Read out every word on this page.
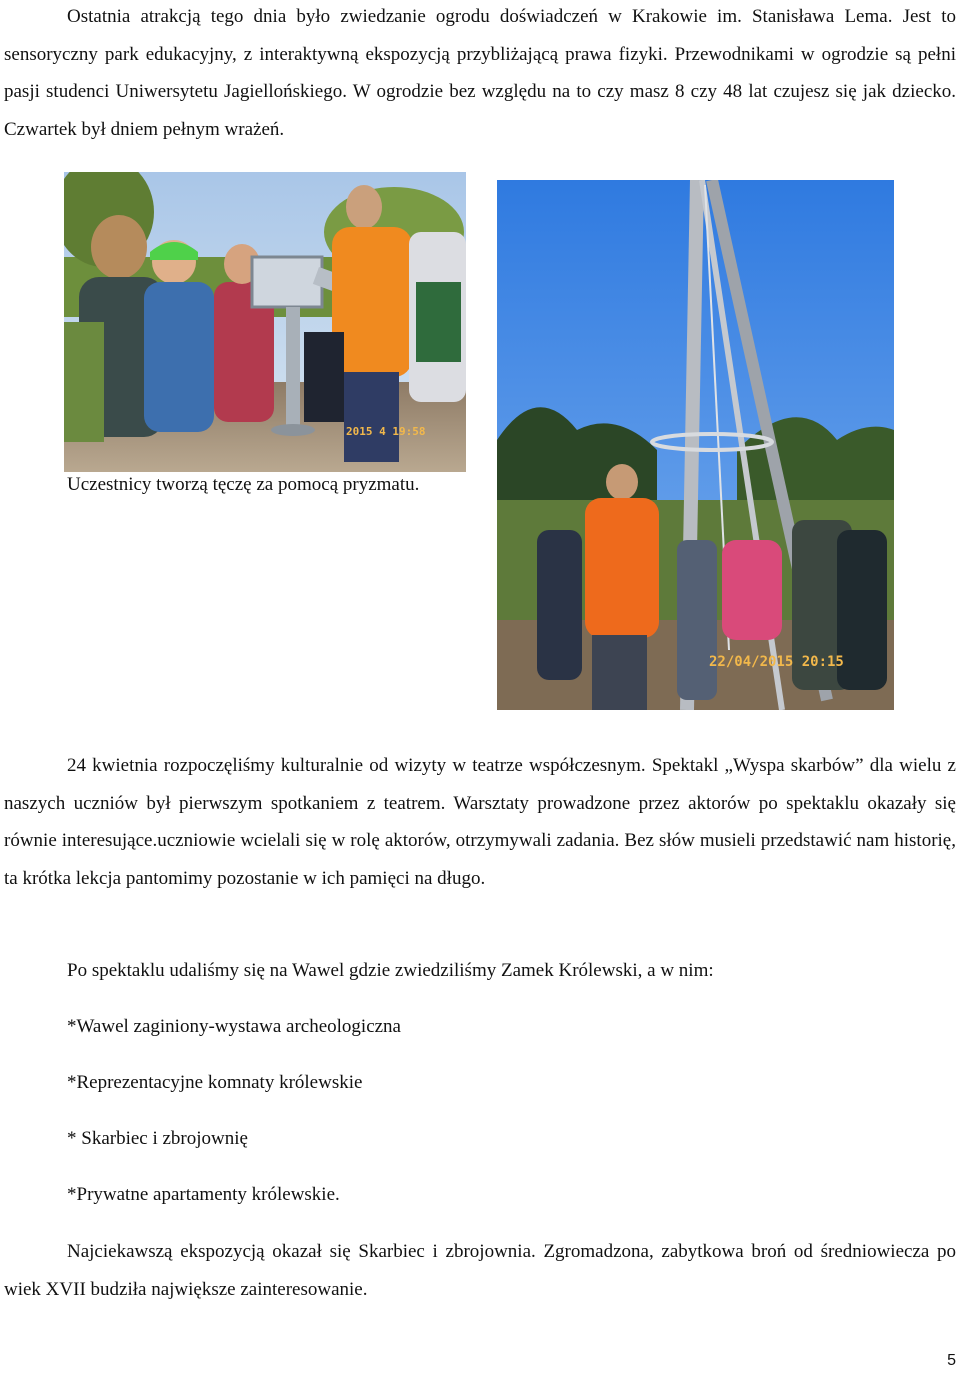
Ostatnia atrakcją tego dnia było zwiedzanie ogrodu doświadczeń w Krakowie im. Stanisława Lema. Jest to sensoryczny park edukacyjny, z interaktywną ekspozycją przybliżającą prawa fizyki. Przewodnikami w ogrodzie są pełni pasji studenci Uniwersytetu Jagiellońskiego. W ogrodzie bez względu na to czy masz 8 czy 48 lat czujesz się jak dziecko. Czwartek był dniem pełnym wrażeń.

2015 4 19:58
22/04/2015 20:15
Uczestnicy tworzą tęczę za pomocą pryzmatu.

24 kwietnia rozpoczęliśmy kulturalnie od wizyty w teatrze współczesnym. Spektakl „Wyspa skarbów” dla wielu z naszych uczniów był pierwszym spotkaniem z teatrem. Warsztaty prowadzone przez aktorów po spektaklu okazały się równie interesujące.uczniowie wcielali się w rolę aktorów, otrzymywali zadania. Bez słów musieli przedstawić nam historię, ta krótka lekcja pantomimy pozostanie w ich pamięci na długo.

Po spektaklu udaliśmy się na Wawel gdzie zwiedziliśmy Zamek Królewski, a w nim:

*Wawel zaginiony-wystawa archeologiczna

*Reprezentacyjne komnaty królewskie

* Skarbiec i zbrojownię

*Prywatne apartamenty królewskie.

Najciekawszą ekspozycją okazał się Skarbiec i zbrojownia. Zgromadzona, zabytkowa broń od średniowiecza po wiek XVII budziła największe zainteresowanie.

5
